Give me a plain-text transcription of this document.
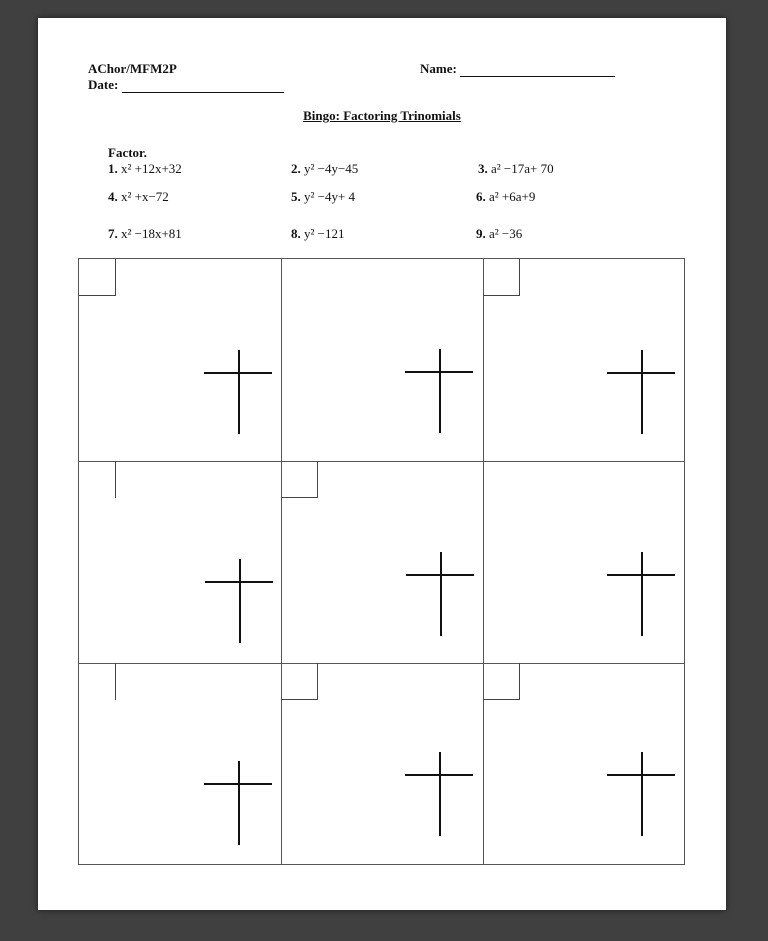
AChor/MFM2P
Date:
Name:
Bingo: Factoring Trinomials
Factor.
1. x² +12x+32	2. y² −4y−45	3. a² −17a+ 70
4. x² +x−72	5. y² −4y+ 4	6. a² +6a+9
7. x² −18x+81	8. y² −121	9. a² −36
